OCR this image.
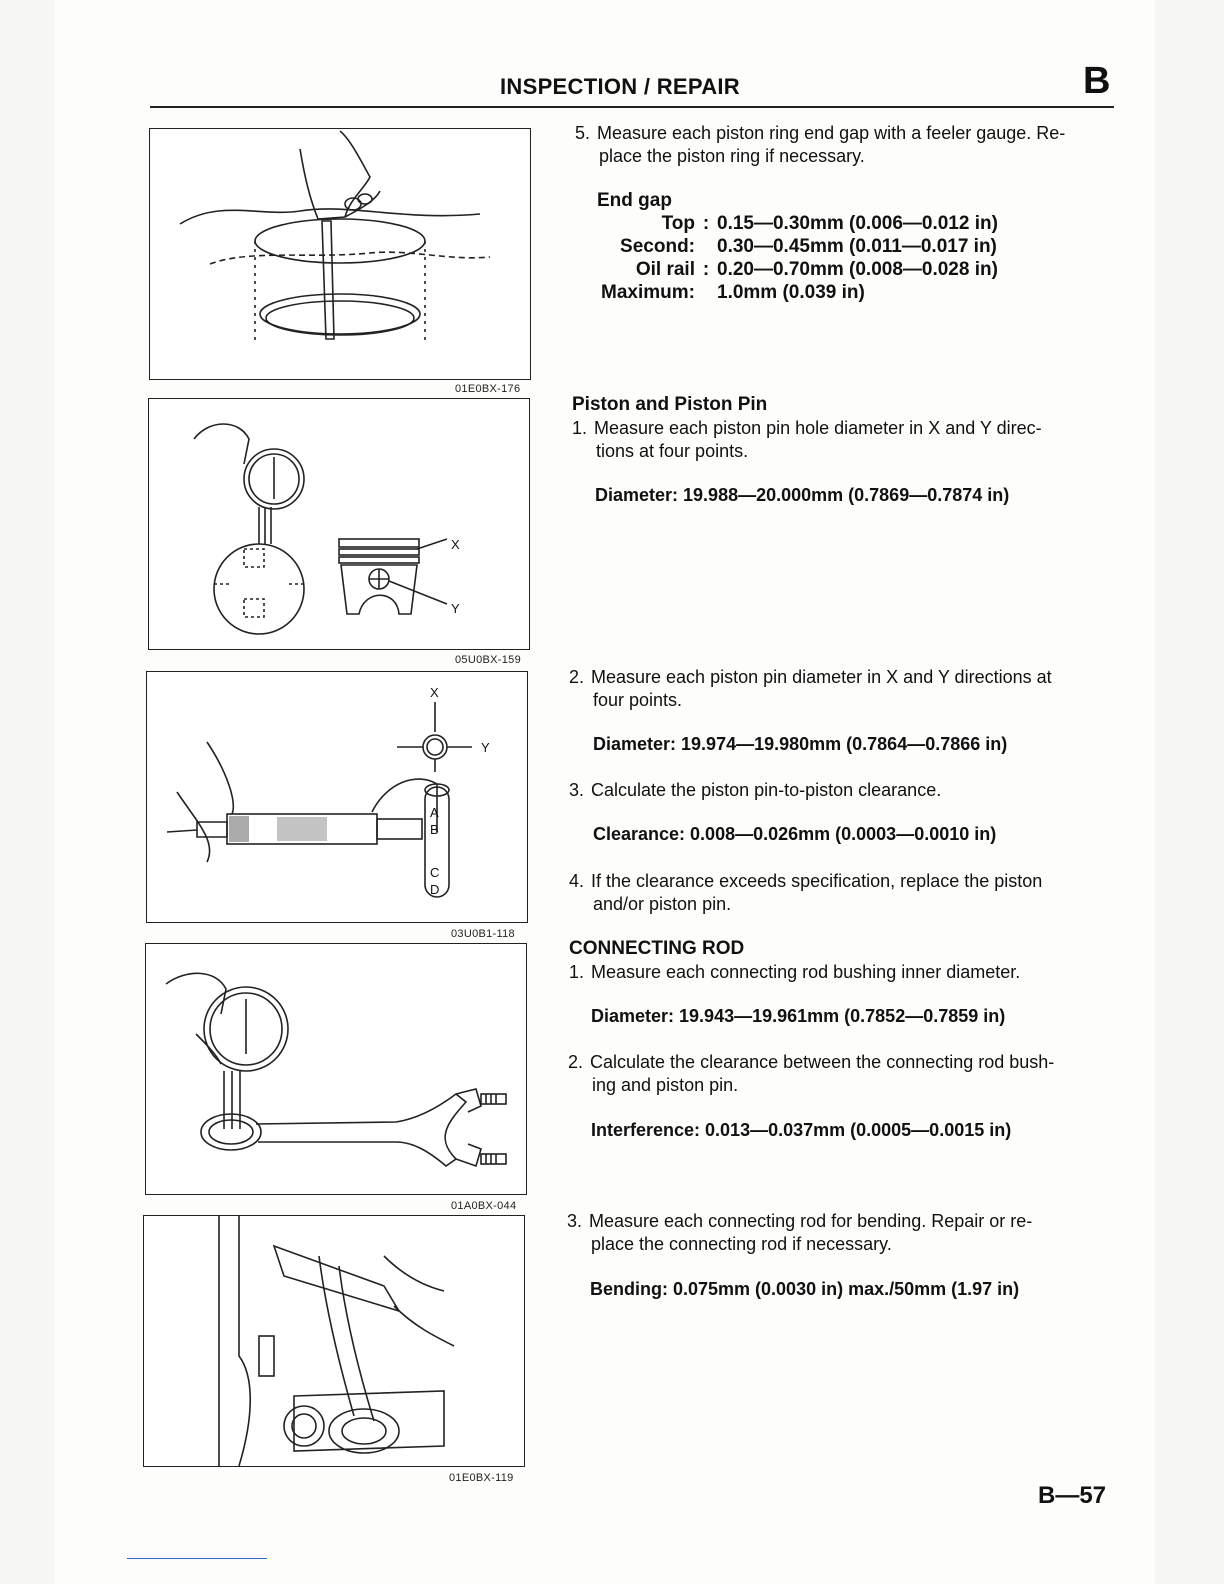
INSPECTION / REPAIR	B
01E0BX-176
X
Y
05U0BX-159
X
Y
A
B
C
D
03U0B1-118
01A0BX-044
01E0BX-119
5. Measure each piston ring end gap with a feeler gauge. Re-
place the piston ring if necessary.
End gap
Top : 0.15—0.30mm (0.006—0.012 in)
Second: 0.30—0.45mm (0.011—0.017 in)
Oil rail : 0.20—0.70mm (0.008—0.028 in)
Maximum: 1.0mm (0.039 in)
Piston and Piston Pin
1. Measure each piston pin hole diameter in X and Y direc-
tions at four points.
Diameter: 19.988—20.000mm (0.7869—0.7874 in)
2. Measure each piston pin diameter in X and Y directions at
four points.
Diameter: 19.974—19.980mm (0.7864—0.7866 in)
3. Calculate the piston pin-to-piston clearance.
Clearance: 0.008—0.026mm (0.0003—0.0010 in)
4. If the clearance exceeds specification, replace the piston
and/or piston pin.
CONNECTING ROD
1. Measure each connecting rod bushing inner diameter.
Diameter: 19.943—19.961mm (0.7852—0.7859 in)
2. Calculate the clearance between the connecting rod bush-
ing and piston pin.
Interference: 0.013—0.037mm (0.0005—0.0015 in)
3. Measure each connecting rod for bending. Repair or re-
place the connecting rod if necessary.
Bending: 0.075mm (0.0030 in) max./50mm (1.97 in)
B—57
